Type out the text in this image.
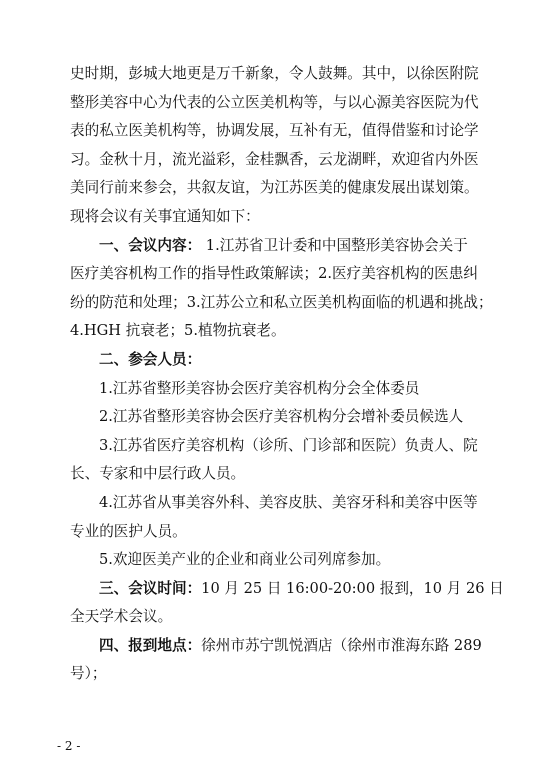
史时期，彭城大地更是万千新象，令人鼓舞。其中，以徐医附院
整形美容中心为代表的公立医美机构等，与以心源美容医院为代
表的私立医美机构等，协调发展，互补有无，值得借鉴和讨论学
习。金秋十月，流光溢彩，金桂飘香，云龙湖畔，欢迎省内外医
美同行前来参会，共叙友谊，为江苏医美的健康发展出谋划策。
现将会议有关事宜通知如下：
一、会议内容： 1.江苏省卫计委和中国整形美容协会关于
医疗美容机构工作的指导性政策解读；2.医疗美容机构的医患纠
纷的防范和处理；3.江苏公立和私立医美机构面临的机遇和挑战；
4.HGH 抗衰老；5.植物抗衰老。
二、参会人员：
1.江苏省整形美容协会医疗美容机构分会全体委员
2.江苏省整形美容协会医疗美容机构分会增补委员候选人
3.江苏省医疗美容机构（诊所、门诊部和医院）负责人、院
长、专家和中层行政人员。
4.江苏省从事美容外科、美容皮肤、美容牙科和美容中医等
专业的医护人员。
5.欢迎医美产业的企业和商业公司列席参加。
三、会议时间：10 月 25 日 16:00-20:00 报到，10 月 26 日
全天学术会议。
四、报到地点：徐州市苏宁凯悦酒店（徐州市淮海东路 289
号）；
- 2 -
